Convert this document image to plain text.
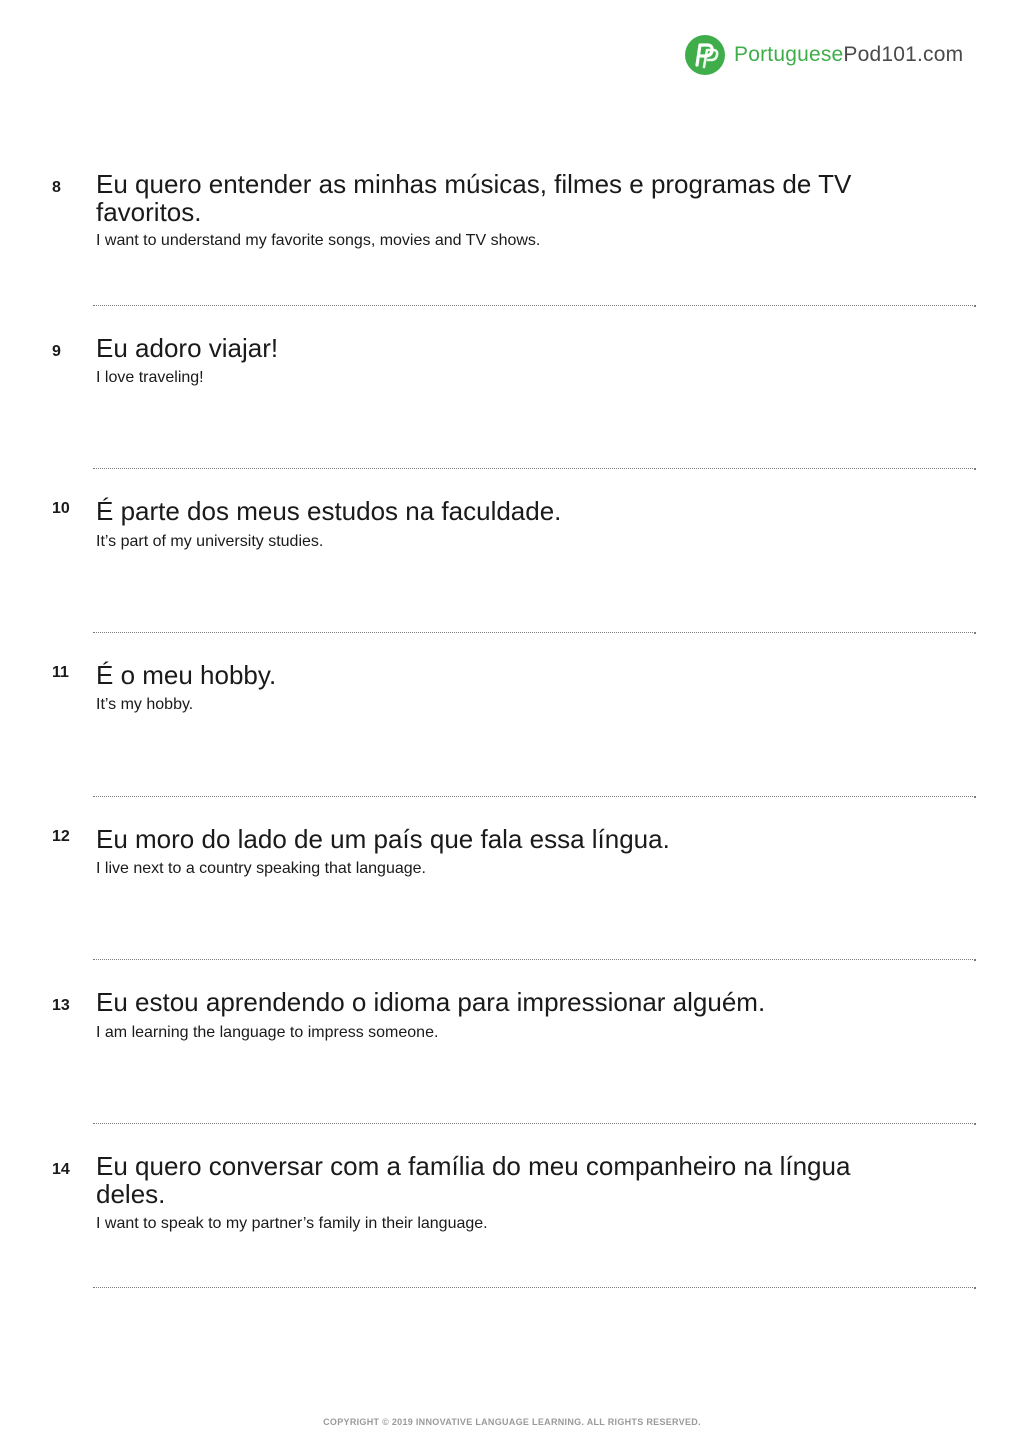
PortuguesePod101.com
8 Eu quero entender as minhas músicas, filmes e programas de TV favoritos.
I want to understand my favorite songs, movies and TV shows.
9 Eu adoro viajar!
I love traveling!
10 É parte dos meus estudos na faculdade.
It’s part of my university studies.
11 É o meu hobby.
It’s my hobby.
12 Eu moro do lado de um país que fala essa língua.
I live next to a country speaking that language.
13 Eu estou aprendendo o idioma para impressionar alguém.
I am learning the language to impress someone.
14 Eu quero conversar com a família do meu companheiro na língua deles.
I want to speak to my partner’s family in their language.
COPYRIGHT © 2019 INNOVATIVE LANGUAGE LEARNING. ALL RIGHTS RESERVED.
